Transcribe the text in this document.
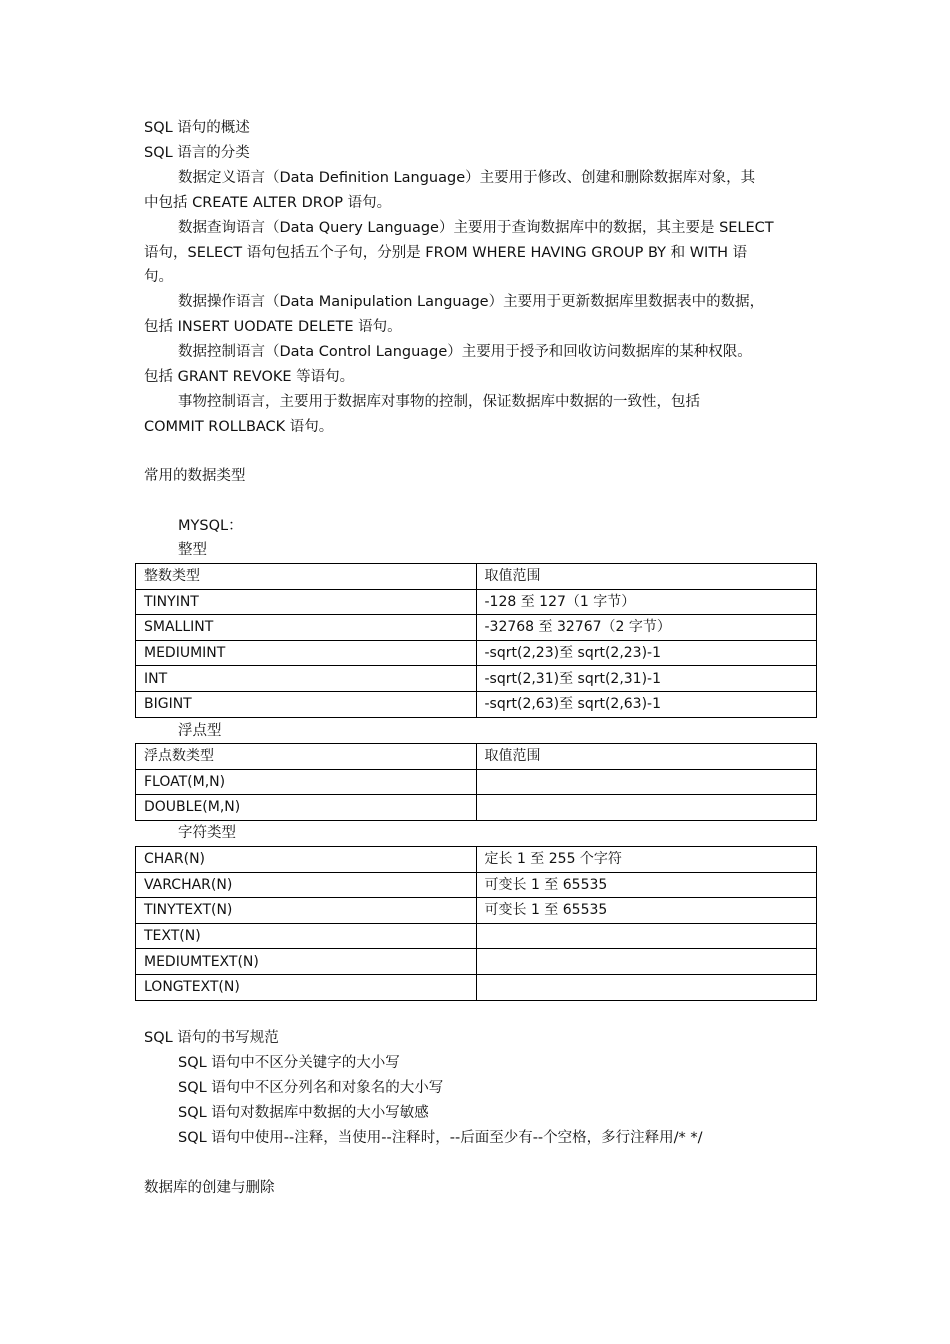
SQL 语句的概述
SQL 语言的分类
数据定义语言（Data Definition Language）主要用于修改、创建和删除数据库对象，其
中包括 CREATE ALTER DROP 语句。
数据查询语言（Data Query Language）主要用于查询数据库中的数据，其主要是 SELECT
语句，SELECT 语句包括五个子句，分别是 FROM WHERE HAVING GROUP BY 和 WITH 语
句。
数据操作语言（Data Manipulation Language）主要用于更新数据库里数据表中的数据，
包括 INSERT UODATE DELETE 语句。
数据控制语言（Data Control Language）主要用于授予和回收访问数据库的某种权限。
包括 GRANT REVOKE 等语句。
事物控制语言，主要用于数据库对事物的控制，保证数据库中数据的一致性，包括
COMMIT ROLLBACK 语句。
常用的数据类型
MYSQL：
整型
整数类型	取值范围
TINYINT	-128 至 127（1 字节）
SMALLINT	-32768 至 32767（2 字节）
MEDIUMINT	-sqrt(2,23)至 sqrt(2,23)-1
INT	-sqrt(2,31)至 sqrt(2,31)-1
BIGINT	-sqrt(2,63)至 sqrt(2,63)-1
浮点型
浮点数类型	取值范围
FLOAT(M,N)	
DOUBLE(M,N)	
字符类型
CHAR(N)	定长 1 至 255 个字符
VARCHAR(N)	可变长 1 至 65535
TINYTEXT(N)	可变长 1 至 65535
TEXT(N)	
MEDIUMTEXT(N)	
LONGTEXT(N)	
SQL 语句的书写规范
SQL 语句中不区分关键字的大小写
SQL 语句中不区分列名和对象名的大小写
SQL 语句对数据库中数据的大小写敏感
SQL 语句中使用--注释，当使用--注释时，--后面至少有--个空格，多行注释用/* */
数据库的创建与删除
